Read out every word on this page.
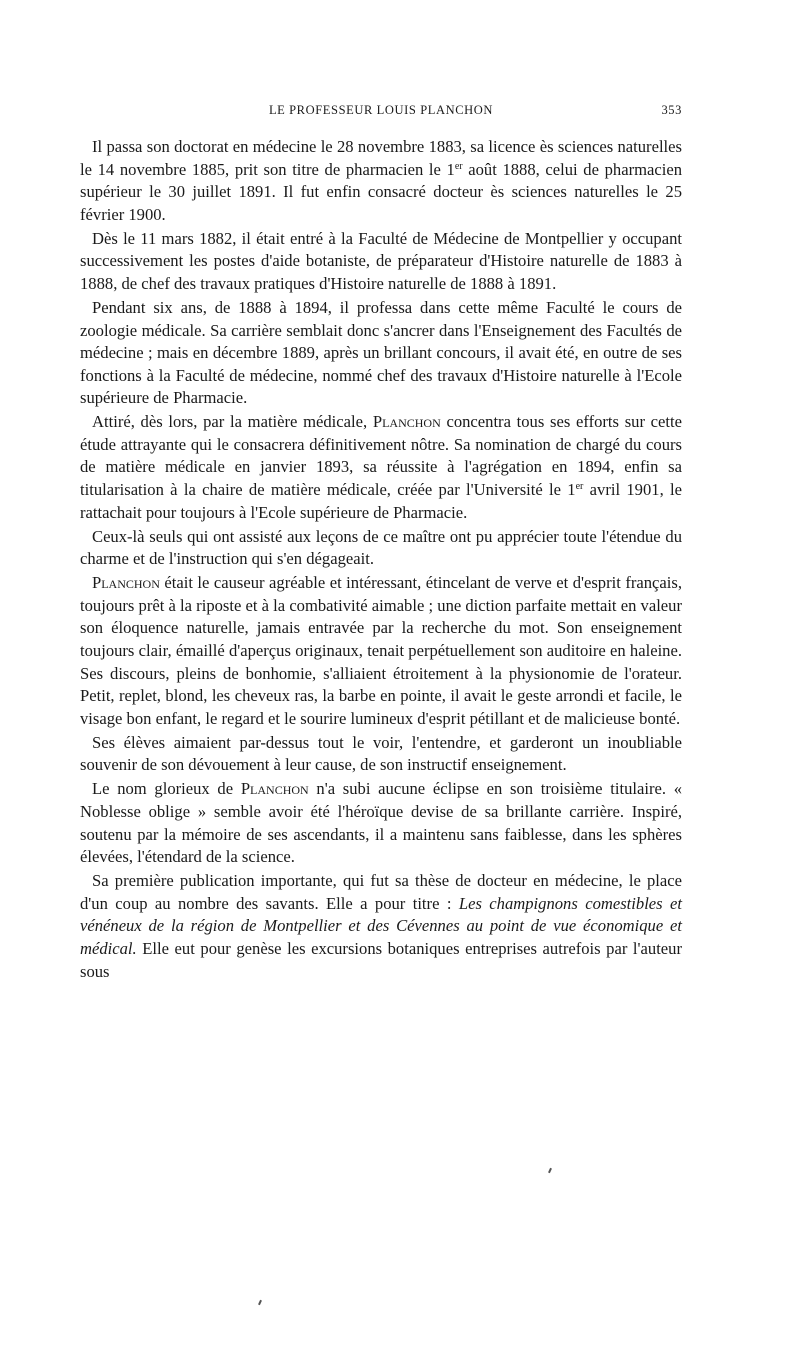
LE PROFESSEUR LOUIS PLANCHON	353

Il passa son doctorat en médecine le 28 novembre 1883, sa licence ès sciences naturelles le 14 novembre 1885, prit son titre de pharmacien le 1er août 1888, celui de pharmacien supérieur le 30 juillet 1891. Il fut enfin consacré docteur ès sciences naturelles le 25 février 1900.

Dès le 11 mars 1882, il était entré à la Faculté de Médecine de Montpellier y occupant successivement les postes d'aide botaniste, de préparateur d'Histoire naturelle de 1883 à 1888, de chef des travaux pratiques d'Histoire naturelle de 1888 à 1891.

Pendant six ans, de 1888 à 1894, il professa dans cette même Faculté le cours de zoologie médicale. Sa carrière semblait donc s'ancrer dans l'Enseignement des Facultés de médecine ; mais en décembre 1889, après un brillant concours, il avait été, en outre de ses fonctions à la Faculté de médecine, nommé chef des travaux d'Histoire naturelle à l'Ecole supérieure de Pharmacie.

Attiré, dès lors, par la matière médicale, Planchon concentra tous ses efforts sur cette étude attrayante qui le consacrera définitivement nôtre. Sa nomination de chargé du cours de matière médicale en janvier 1893, sa réussite à l'agrégation en 1894, enfin sa titularisation à la chaire de matière médicale, créée par l'Université le 1er avril 1901, le rattachait pour toujours à l'Ecole supérieure de Pharmacie.

Ceux-là seuls qui ont assisté aux leçons de ce maître ont pu apprécier toute l'étendue du charme et de l'instruction qui s'en dégageait.

Planchon était le causeur agréable et intéressant, étincelant de verve et d'esprit français, toujours prêt à la riposte et à la combativité aimable ; une diction parfaite mettait en valeur son éloquence naturelle, jamais entravée par la recherche du mot. Son enseignement toujours clair, émaillé d'aperçus originaux, tenait perpétuellement son auditoire en haleine. Ses discours, pleins de bonhomie, s'alliaient étroitement à la physionomie de l'orateur. Petit, replet, blond, les cheveux ras, la barbe en pointe, il avait le geste arrondi et facile, le visage bon enfant, le regard et le sourire lumineux d'esprit pétillant et de malicieuse bonté.

Ses élèves aimaient par-dessus tout le voir, l'entendre, et garderont un inoubliable souvenir de son dévouement à leur cause, de son instructif enseignement.

Le nom glorieux de Planchon n'a subi aucune éclipse en son troisième titulaire. « Noblesse oblige » semble avoir été l'héroïque devise de sa brillante carrière. Inspiré, soutenu par la mémoire de ses ascendants, il a maintenu sans faiblesse, dans les sphères élevées, l'étendard de la science.

Sa première publication importante, qui fut sa thèse de docteur en médecine, le place d'un coup au nombre des savants. Elle a pour titre : Les champignons comestibles et vénéneux de la région de Montpellier et des Cévennes au point de vue économique et médical. Elle eut pour genèse les excursions botaniques entreprises autrefois par l'auteur sous
